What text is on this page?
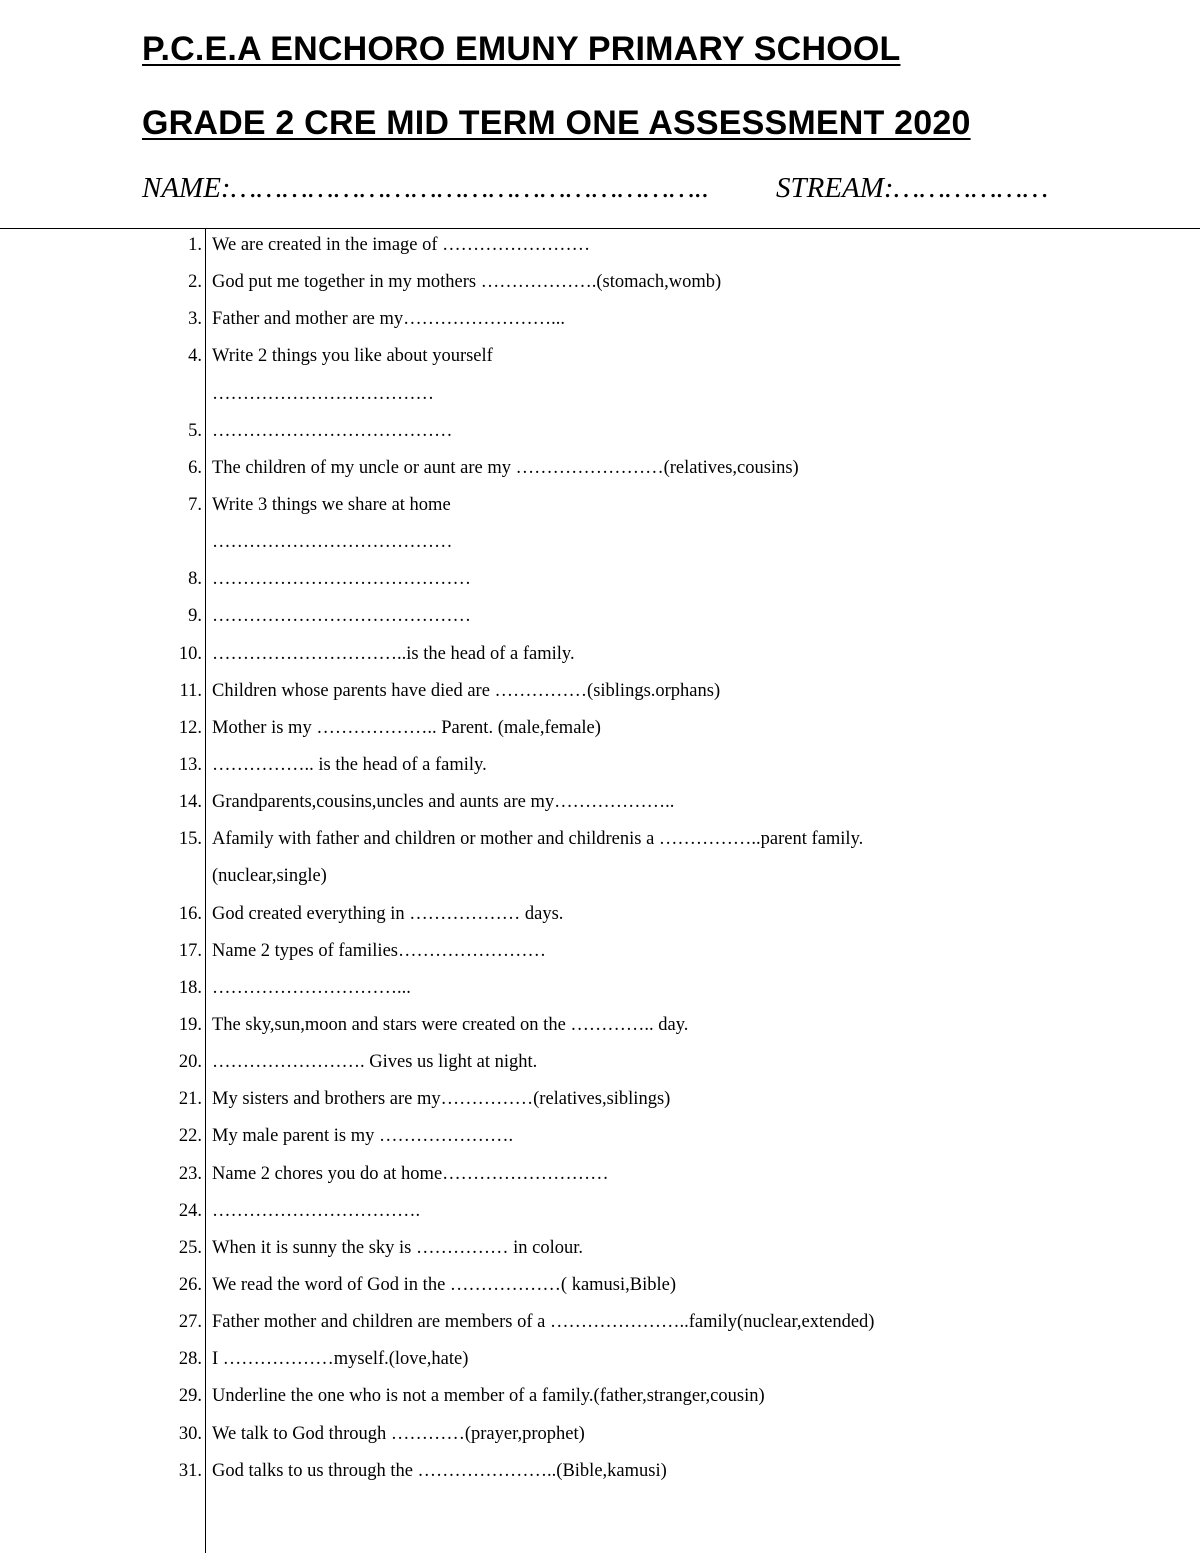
P.C.E.A ENCHORO EMUNY PRIMARY SCHOOL
GRADE 2 CRE MID TERM ONE ASSESSMENT 2020
NAME:……………………………………………….. STREAM:………………
1. We are created in the image of ……………………
2. God put me together in my mothers ……………….(stomach,womb)
3. Father and mother are my……………………...
4. Write 2 things you like about yourself
………………………………
5. …………………………………
6. The children of my uncle or aunt are my ……………………(relatives,cousins)
7. Write 3 things we share at home
…………………………………
8. ……………………………………
9. ……………………………………
10. …………………………..is the head of a family.
11. Children whose parents have died are ……………(siblings.orphans)
12. Mother is my ……………….. Parent. (male,female)
13. …………….. is the head of a family.
14. Grandparents,cousins,uncles and aunts are my………………..
15. Afamily with father and children or mother and childrenis a ……………..parent family.
(nuclear,single)
16. God created everything in ……………… days.
17. Name 2 types of families……………………
18. …………………………...
19. The sky,sun,moon and stars were created on the ………….. day.
20. ……………………. Gives us light at night.
21. My sisters and brothers are my……………(relatives,siblings)
22. My male parent is my ………………….
23. Name 2 chores you do at home………………………
24. …………………………….
25. When it is sunny the sky is …………… in colour.
26. We read the word of God in the ………………( kamusi,Bible)
27. Father mother and children are members of a …………………..family(nuclear,extended)
28. I ………………myself.(love,hate)
29. Underline the one who is not a member of a family.(father,stranger,cousin)
30. We talk to God through …………(prayer,prophet)
31. God talks to us through the …………………..(Bible,kamusi)
